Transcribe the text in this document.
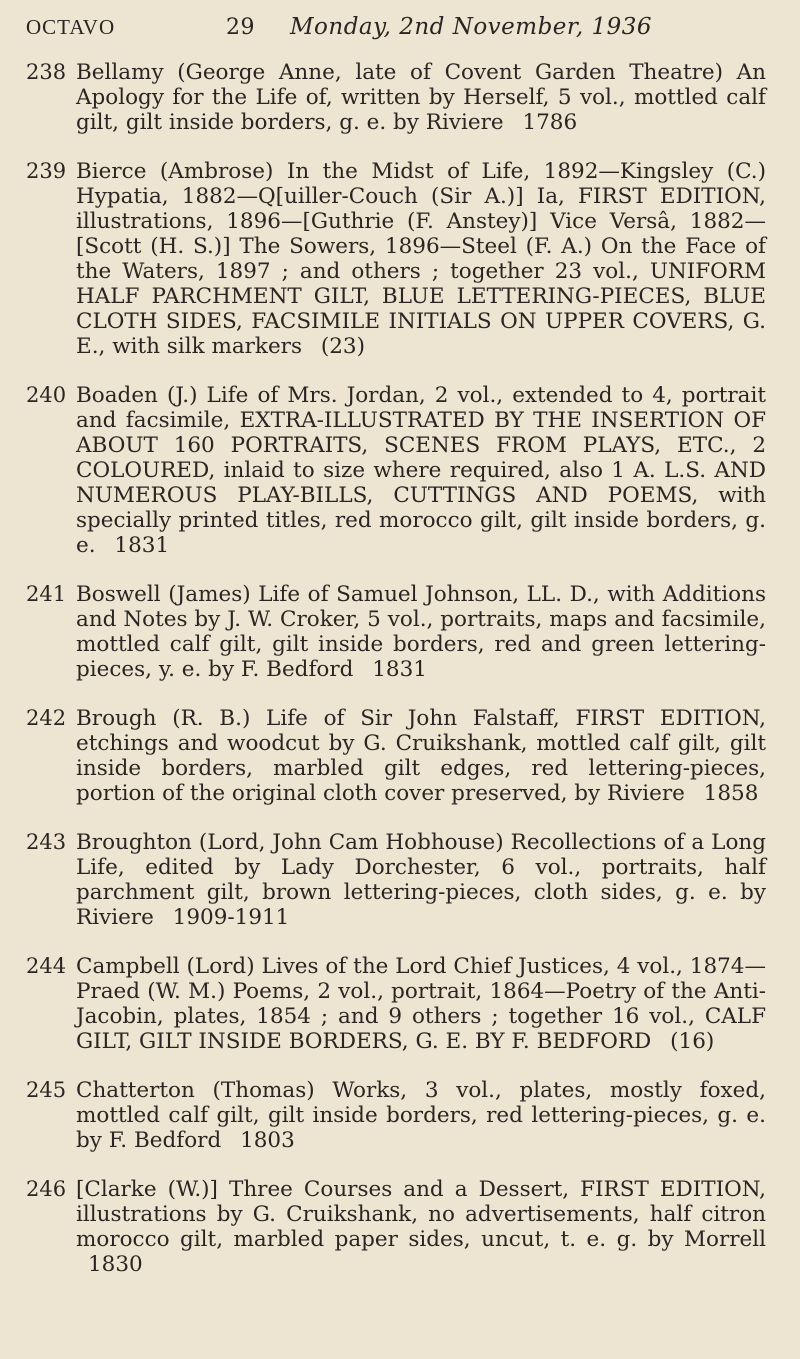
OCTAVO	29	Monday, 2nd November, 1936
238 Bellamy (George Anne, late of Covent Garden Theatre) An Apology for the Life of, written by Herself, 5 vol., mottled calf gilt, gilt inside borders, g. e. by Riviere 1786
239 Bierce (Ambrose) In the Midst of Life, 1892—Kingsley (C.) Hypatia, 1882—Q[uiller-Couch (Sir A.)] Ia, FIRST EDITION, illustrations, 1896—[Guthrie (F. Anstey)] Vice Versâ, 1882—[Scott (H. S.)] The Sowers, 1896—Steel (F. A.) On the Face of the Waters, 1897 ; and others ; together 23 vol., UNIFORM HALF PARCHMENT GILT, BLUE LETTERING-PIECES, BLUE CLOTH SIDES, FACSIMILE INITIALS ON UPPER COVERS, G. E., with silk markers (23)
240 Boaden (J.) Life of Mrs. Jordan, 2 vol., extended to 4, portrait and facsimile, EXTRA-ILLUSTRATED BY THE INSERTION OF ABOUT 160 PORTRAITS, SCENES FROM PLAYS, ETC., 2 COLOURED, inlaid to size where required, also 1 A. L.S. AND NUMEROUS PLAY-BILLS, CUTTINGS AND POEMS, with specially printed titles, red morocco gilt, gilt inside borders, g. e. 1831
241 Boswell (James) Life of Samuel Johnson, LL. D., with Additions and Notes by J. W. Croker, 5 vol., portraits, maps and facsimile, mottled calf gilt, gilt inside borders, red and green lettering-pieces, y. e. by F. Bedford 1831
242 Brough (R. B.) Life of Sir John Falstaff, FIRST EDITION, etchings and woodcut by G. Cruikshank, mottled calf gilt, gilt inside borders, marbled gilt edges, red lettering-pieces, portion of the original cloth cover preserved, by Riviere 1858
243 Broughton (Lord, John Cam Hobhouse) Recollections of a Long Life, edited by Lady Dorchester, 6 vol., portraits, half parchment gilt, brown lettering-pieces, cloth sides, g. e. by Riviere 1909-1911
244 Campbell (Lord) Lives of the Lord Chief Justices, 4 vol., 1874—Praed (W. M.) Poems, 2 vol., portrait, 1864—Poetry of the Anti-Jacobin, plates, 1854 ; and 9 others ; together 16 vol., CALF GILT, GILT INSIDE BORDERS, G. E. BY F. BEDFORD (16)
245 Chatterton (Thomas) Works, 3 vol., plates, mostly foxed, mottled calf gilt, gilt inside borders, red lettering-pieces, g. e. by F. Bedford 1803
246 [Clarke (W.)] Three Courses and a Dessert, FIRST EDITION, illustrations by G. Cruikshank, no advertisements, half citron morocco gilt, marbled paper sides, uncut, t. e. g. by Morrell 1830
